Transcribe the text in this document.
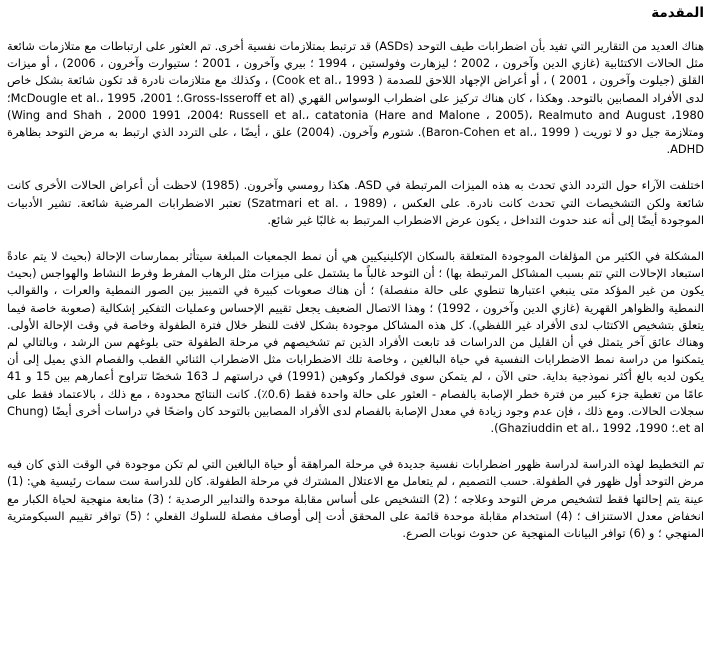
المقدمة

هناك العديد من التقارير التي تفيد بأن اضطرابات طيف التوحد (ASDs) قد ترتبط بمتلازمات نفسية أخرى. تم العثور على ارتباطات مع متلازمات شائعة مثل الحالات الاكتئابية (غازي الدين وآخرون ، 2002 ؛ ليزهارت وفولستين ، 1994 ؛ بيري وآخرون ، 2001 ؛ ستيوارت وآخرون ، 2006) ، أو ميزات القلق (جيلوت وآخرون ، 2001 ) ، أو أعراض الإجهاد اللاحق للصدمة ( Cook et al.، 1993) ، وكذلك مع متلازمات نادرة قد تكون شائعة بشكل خاص لدى الأفراد المصابين بالتوحد. وهكذا ، كان هناك تركيز على اضطراب الوسواس القهري (Gross-Isseroff et al.؛ 2001، McDougle et al.، 1995؛ 1980، Russell et al.، catatonia (Hare and Malone ، 2005)، Realmuto and August ؛2004، 1991 Wing and Shah ، 2000) ومتلازمة جيل دو لا توريت ( Baron-Cohen et al.، 1999). شتورم وآخرون. (2004) علق ، أيضًا ، على التردد الذي ارتبط به مرض التوحد بظاهرة ADHD.

اختلفت الآراء حول التردد الذي تحدث به هذه الميزات المرتبطة في ASD. هكذا رومسي وآخرون. (1985) لاحظت أن أعراض الحالات الأخرى كانت شائعة ولكن التشخيصات التي تحدث كانت نادرة. على العكس ، (Szatmari et al. ، 1989) تعتبر الاضطرابات المرضية شائعة. تشير الأدبيات الموجودة أيضًا إلى أنه عند حدوث التداخل ، يكون عرض الاضطراب المرتبط به غالبًا غير شائع.

المشكلة في الكثير من المؤلفات الموجودة المتعلقة بالسكان الإكلينيكيين هي أن نمط الجمعيات المبلغة سيتأثر بممارسات الإحالة (بحيث لا يتم عادةً استبعاد الإحالات التي تتم بسبب المشاكل المرتبطة بها) ؛ أن التوحد غالباً ما يشتمل على ميزات مثل الرهاب المفرط وفرط النشاط والهواجس (بحيث يكون من غير المؤكد متى ينبغي اعتبارها تنطوي على حالة منفصلة) ؛ أن هناك صعوبات كبيرة في التمييز بين الصور النمطية والعرات ، والقوالب النمطية والظواهر القهرية (غازي الدين وآخرون ، 1992) ؛ وهذا الاتصال الضعيف يجعل تقييم الإحساس وعمليات التفكير إشكالية (صعوبة خاصة فيما يتعلق بتشخيص الاكتئاب لدى الأفراد غير اللفظي). كل هذه المشاكل موجودة بشكل لافت للنظر خلال فترة الطفولة وخاصة في وقت الإحالة الأولى. وهناك عائق آخر يتمثل في أن القليل من الدراسات قد تابعت الأفراد الذين تم تشخيصهم في مرحلة الطفولة حتى بلوغهم سن الرشد ، وبالتالي لم يتمكنوا من دراسة نمط الاضطرابات النفسية في حياة البالغين ، وخاصة تلك الاضطرابات مثل الاضطراب الثنائي القطب والفصام الذي يميل إلى أن يكون لديه بالغ أكثر نموذجية بداية. حتى الآن ، لم يتمكن سوى فولكمار وكوهين (1991) في دراستهم لـ 163 شخصًا تتراوح أعمارهم بين 15 و 41 عامًا من تغطية جزء كبير من فترة خطر الإصابة بالفصام - العثور على حالة واحدة فقط (0.6٪). كانت النتائج محدودة ، مع ذلك ، بالاعتماد فقط على سجلات الحالات. ومع ذلك ، فإن عدم وجود زيادة في معدل الإصابة بالفصام لدى الأفراد المصابين بالتوحد كان واضحًا في دراسات أخرى أيضًا (Chung et al.؛ 1990، Ghaziuddin et al.، 1992).

تم التخطيط لهذه الدراسة لدراسة ظهور اضطرابات نفسية جديدة في مرحلة المراهقة أو حياة البالغين التي لم تكن موجودة في الوقت الذي كان فيه مرض التوحد أول ظهور في الطفولة. حسب التصميم ، لم يتعامل مع الاعتلال المشترك في مرحلة الطفولة. كان للدراسة ست سمات رئيسية هي: (1) عينة يتم إحالتها فقط لتشخيص مرض التوحد وعلاجه ؛ (2) التشخيص على أساس مقابلة موحدة والتدابير الرصدية ؛ (3) متابعة منهجية لحياة الكبار مع انخفاض معدل الاستنزاف ؛ (4) استخدام مقابلة موحدة قائمة على المحقق أدت إلى أوصاف مفصلة للسلوك الفعلي ؛ (5) توافر تقييم السيكومترية المنهجي ؛ و (6) توافر البيانات المنهجية عن حدوث نوبات الصرع.
